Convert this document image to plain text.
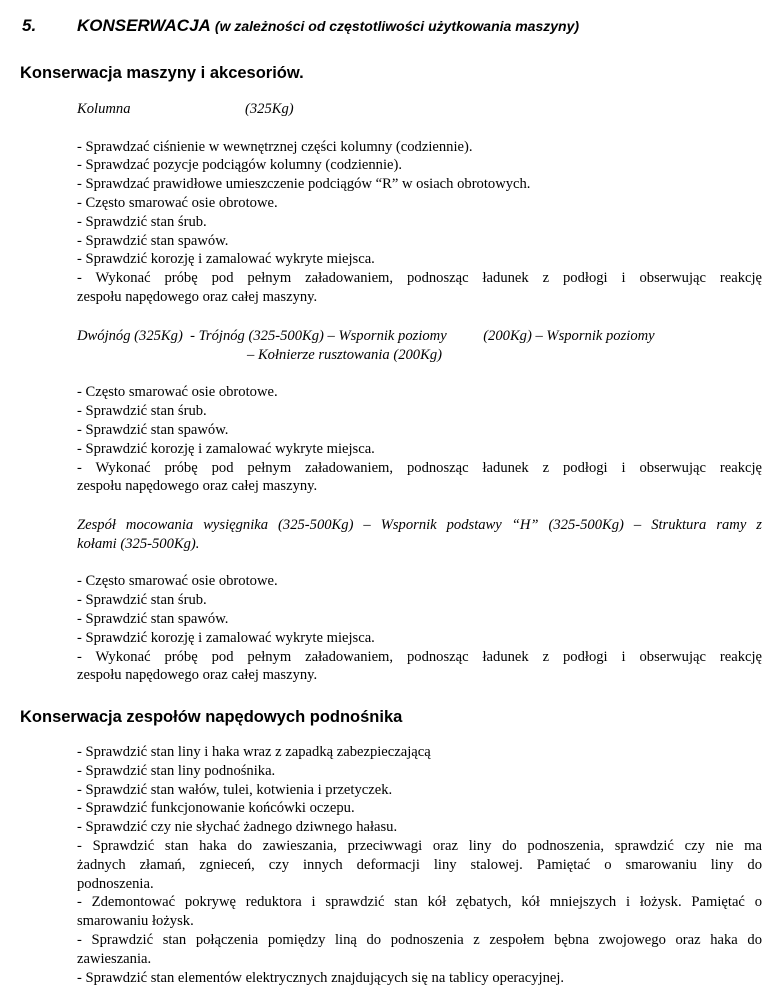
5. KONSERWACJA (w zależności od częstotliwości użytkowania maszyny)
Konserwacja maszyny i akcesoriów.
Kolumna	(325Kg)
- Sprawdzać ciśnienie w wewnętrznej części kolumny (codziennie).
- Sprawdzać pozycje podciągów kolumny (codziennie).
- Sprawdzać prawidłowe umieszczenie podciągów “R” w osiach obrotowych.
- Często smarować osie obrotowe.
- Sprawdzić stan śrub.
- Sprawdzić stan spawów.
- Sprawdzić korozję i zamalować wykryte miejsca.
- Wykonać próbę pod pełnym załadowaniem, podnosząc ładunek z podłogi i obserwując reakcję
zespołu napędowego oraz całej maszyny.
Dwójnóg (325Kg)  - Trójnóg (325-500Kg) – Wspornik poziomy          (200Kg) – Wspornik poziomy
– Kołnierze rusztowania (200Kg)
- Często smarować osie obrotowe.
- Sprawdzić stan śrub.
- Sprawdzić stan spawów.
- Sprawdzić korozję i zamalować wykryte miejsca.
- Wykonać próbę pod pełnym załadowaniem, podnosząc ładunek z podłogi i obserwując reakcję
zespołu napędowego oraz całej maszyny.
Zespół mocowania wysięgnika (325-500Kg) – Wspornik podstawy “H” (325-500Kg) – Struktura ramy z
kołami (325-500Kg).
- Często smarować osie obrotowe.
- Sprawdzić stan śrub.
- Sprawdzić stan spawów.
- Sprawdzić korozję i zamalować wykryte miejsca.
- Wykonać próbę pod pełnym załadowaniem, podnosząc ładunek z podłogi i obserwując reakcję
zespołu napędowego oraz całej maszyny.
Konserwacja zespołów napędowych podnośnika
- Sprawdzić stan liny i haka wraz z zapadką zabezpieczającą
- Sprawdzić stan liny podnośnika.
- Sprawdzić stan wałów, tulei, kotwienia i przetyczek.
- Sprawdzić funkcjonowanie końcówki oczepu.
- Sprawdzić czy nie słychać żadnego dziwnego hałasu.
- Sprawdzić stan haka do zawieszania, przeciwwagi oraz liny do podnoszenia, sprawdzić czy nie ma
żadnych złamań, zgnieceń, czy innych deformacji liny stalowej. Pamiętać o smarowaniu liny do
podnoszenia.
- Zdemontować pokrywę reduktora i sprawdzić stan kół zębatych, kół mniejszych i łożysk. Pamiętać o
smarowaniu łożysk.
- Sprawdzić stan połączenia pomiędzy liną do podnoszenia z zespołem bębna zwojowego oraz haka do
zawieszania.
- Sprawdzić stan elementów elektrycznych znajdujących się na tablicy operacyjnej.
